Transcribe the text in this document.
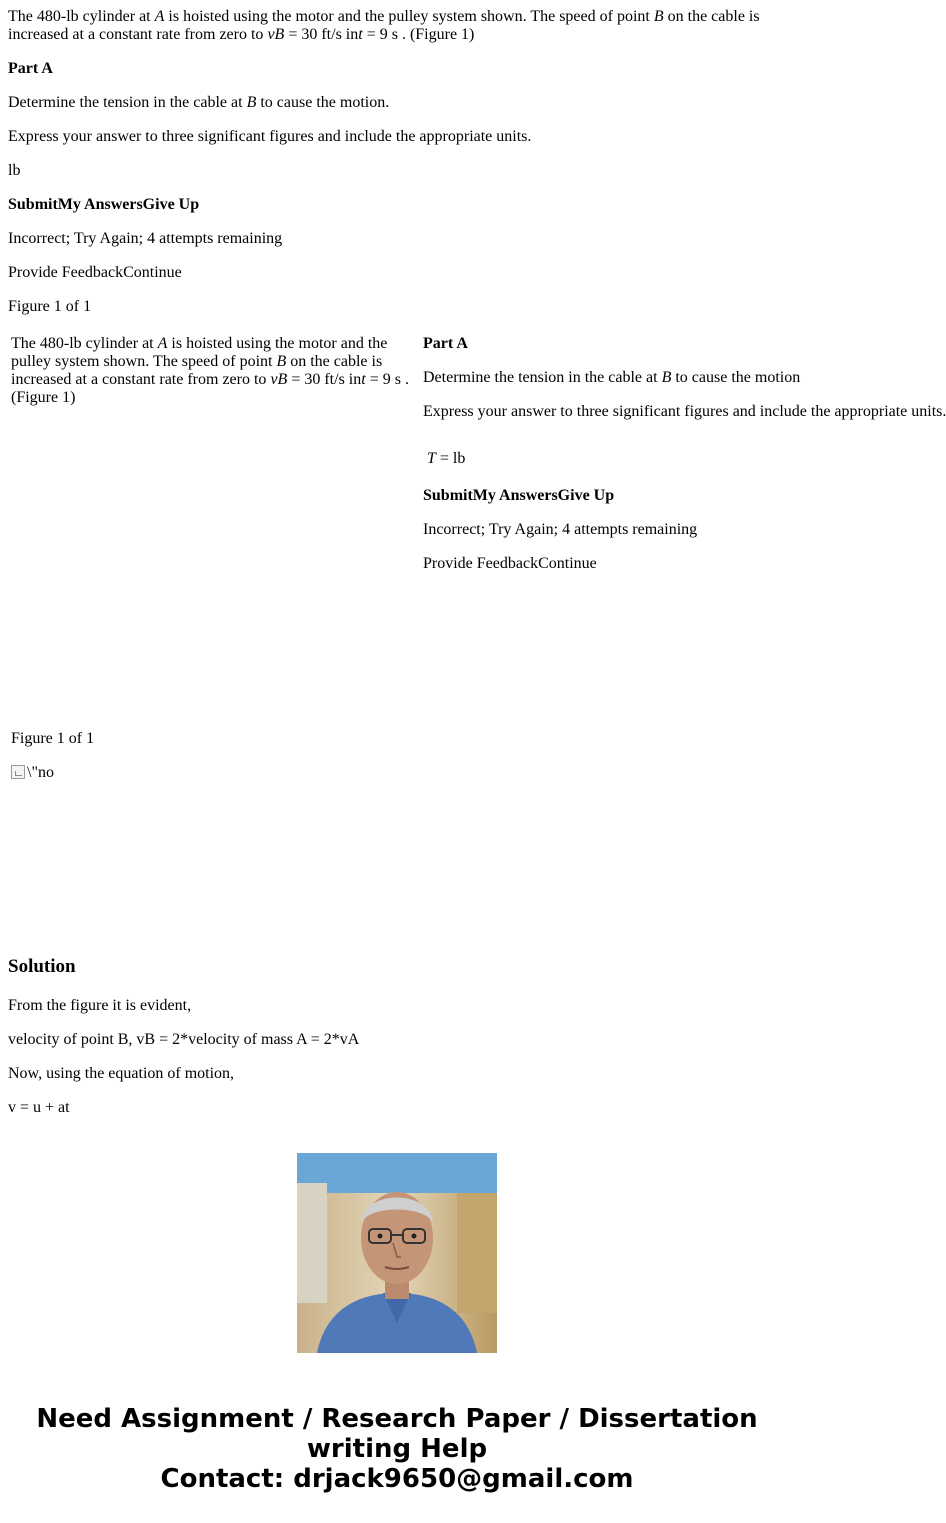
The 480-lb cylinder at A is hoisted using the motor and the pulley system shown. The speed of point B on the cable is

increased at a constant rate from zero to vB = 30 ft/s int = 9 s . (Figure 1)

Part A

Determine the tension in the cable at B to cause the motion.

Express your answer to three significant figures and include the appropriate units.

lb

SubmitMy AnswersGive Up

Incorrect; Try Again; 4 attempts remaining

Provide FeedbackContinue

Figure 1 of 1

The 480-lb cylinder at A is hoisted using the motor and the

pulley system shown. The speed of point B on the cable is

increased at a constant rate from zero to vB = 30 ft/s int = 9 s .

(Figure 1)

Part A

Determine the tension in the cable at B to cause the motion

Express your answer to three significant figures and include the appropriate units.

T = lb

SubmitMy AnswersGive Up

Incorrect; Try Again; 4 attempts remaining

Provide FeedbackContinue

Figure 1 of 1

\"no

Solution

From the figure it is evident,

velocity of point B, vB = 2*velocity of mass A = 2*vA

Now, using the equation of motion,

v = u + at

Need Assignment / Research Paper / Dissertation
writing Help
Contact: drjack9650@gmail.com
